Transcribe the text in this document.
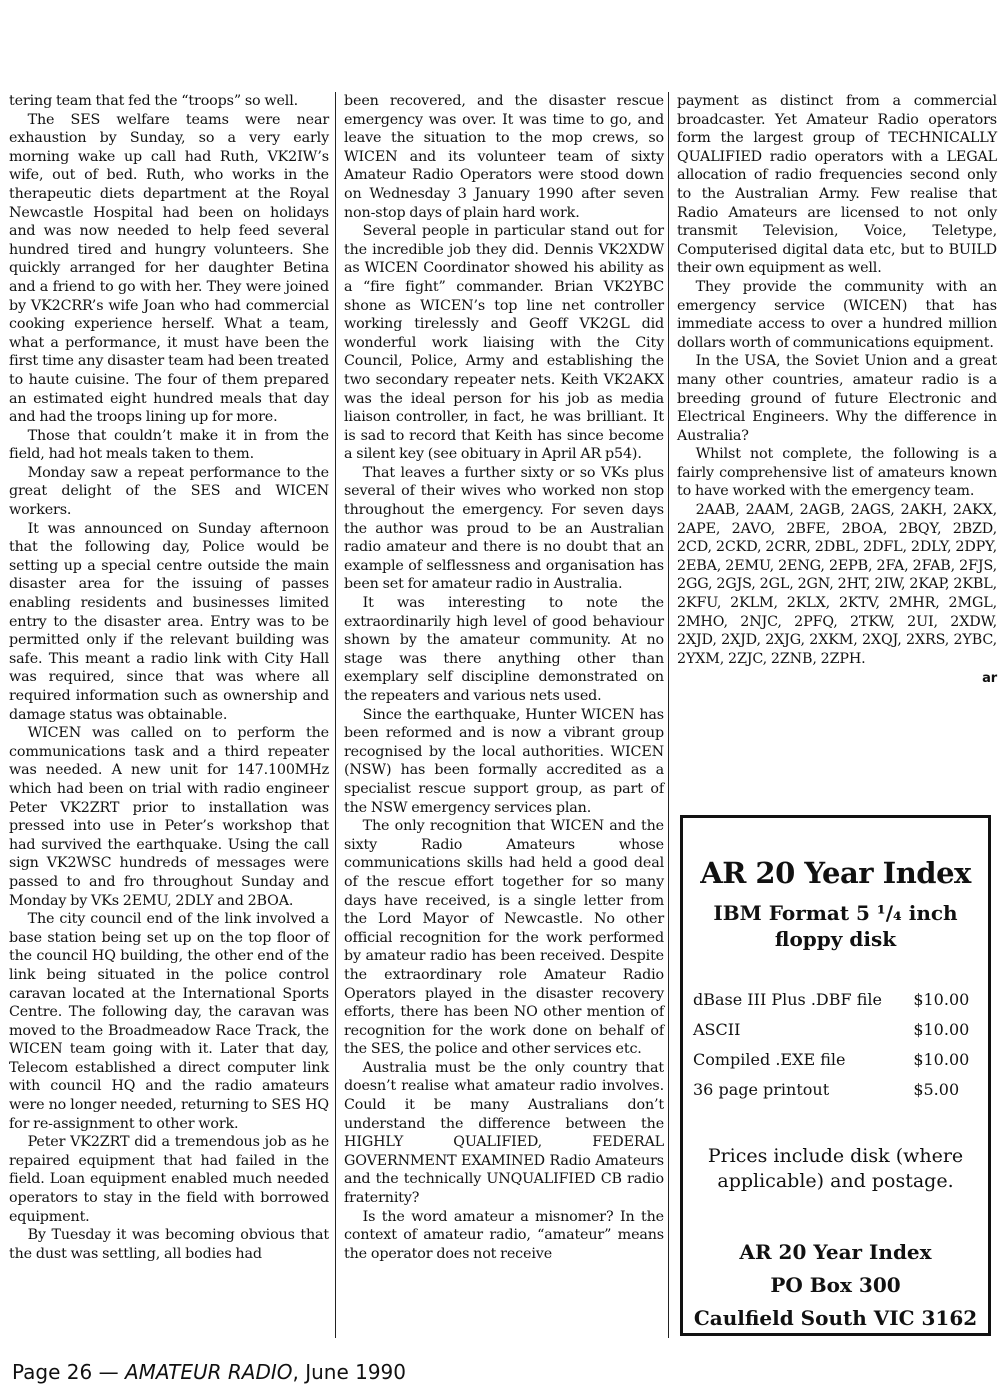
tering team that fed the “troops” so well.

The SES welfare teams were near exhaustion by Sunday, so a very early morning wake up call had Ruth, VK2IW’s wife, out of bed. Ruth, who works in the therapeutic diets department at the Royal Newcastle Hospital had been on holidays and was now needed to help feed several hundred tired and hungry volunteers. She quickly arranged for her daughter Betina and a friend to go with her. They were joined by VK2CRR’s wife Joan who had commercial cooking experience herself. What a team, what a performance, it must have been the first time any disaster team had been treated to haute cuisine. The four of them prepared an estimated eight hundred meals that day and had the troops lining up for more.

Those that couldn’t make it in from the field, had hot meals taken to them.

Monday saw a repeat performance to the great delight of the SES and WICEN workers.

It was announced on Sunday afternoon that the following day, Police would be setting up a special centre outside the main disaster area for the issuing of passes enabling residents and businesses limited entry to the disaster area. Entry was to be permitted only if the relevant building was safe. This meant a radio link with City Hall was required, since that was where all required information such as ownership and damage status was obtainable.

WICEN was called on to perform the communications task and a third repeater was needed. A new unit for 147.100MHz which had been on trial with radio engineer Peter VK2ZRT prior to installation was pressed into use in Peter’s workshop that had survived the earthquake. Using the call sign VK2WSC hundreds of messages were passed to and fro throughout Sunday and Monday by VKs 2EMU, 2DLY and 2BOA.

The city council end of the link involved a base station being set up on the top floor of the council HQ building, the other end of the link being situated in the police control caravan located at the International Sports Centre. The following day, the caravan was moved to the Broadmeadow Race Track, the WICEN team going with it. Later that day, Telecom established a direct computer link with council HQ and the radio amateurs were no longer needed, returning to SES HQ for re-assignment to other work.

Peter VK2ZRT did a tremendous job as he repaired equipment that had failed in the field. Loan equipment enabled much needed operators to stay in the field with borrowed equipment.

By Tuesday it was becoming obvious that the dust was settling, all bodies had

been recovered, and the disaster rescue emergency was over. It was time to go, and leave the situation to the mop crews, so WICEN and its volunteer team of sixty Amateur Radio Operators were stood down on Wednesday 3 January 1990 after seven non-stop days of plain hard work.

Several people in particular stand out for the incredible job they did. Dennis VK2XDW as WICEN Coordinator showed his ability as a “fire fight” commander. Brian VK2YBC shone as WICEN’s top line net controller working tirelessly and Geoff VK2GL did wonderful work liaising with the City Council, Police, Army and establishing the two secondary repeater nets. Keith VK2AKX was the ideal person for his job as media liaison controller, in fact, he was brilliant. It is sad to record that Keith has since become a silent key (see obituary in April AR p54).

That leaves a further sixty or so VKs plus several of their wives who worked non stop throughout the emergency. For seven days the author was proud to be an Australian radio amateur and there is no doubt that an example of selflessness and organisation has been set for amateur radio in Australia.

It was interesting to note the extraordinarily high level of good behaviour shown by the amateur community. At no stage was there anything other than exemplary self discipline demonstrated on the repeaters and various nets used.

Since the earthquake, Hunter WICEN has been reformed and is now a vibrant group recognised by the local authorities. WICEN (NSW) has been formally accredited as a specialist rescue support group, as part of the NSW emergency services plan.

The only recognition that WICEN and the sixty Radio Amateurs whose communications skills had held a good deal of the rescue effort together for so many days have received, is a single letter from the Lord Mayor of Newcastle. No other official recognition for the work performed by amateur radio has been received. Despite the extraordinary role Amateur Radio Operators played in the disaster recovery efforts, there has been NO other mention of recognition for the work done on behalf of the SES, the police and other services etc.

Australia must be the only country that doesn’t realise what amateur radio involves. Could it be many Australians don’t understand the difference between the HIGHLY QUALIFIED, FEDERAL GOVERNMENT EXAMINED Radio Amateurs and the technically UNQUALIFIED CB radio fraternity?

Is the word amateur a misnomer? In the context of amateur radio, “amateur” means the operator does not receive

payment as distinct from a commercial broadcaster. Yet Amateur Radio operators form the largest group of TECHNICALLY QUALIFIED radio operators with a LEGAL allocation of radio frequencies second only to the Australian Army. Few realise that Radio Amateurs are licensed to not only transmit Television, Voice, Teletype, Computerised digital data etc, but to BUILD their own equipment as well.

They provide the community with an emergency service (WICEN) that has immediate access to over a hundred million dollars worth of communications equipment.

In the USA, the Soviet Union and a great many other countries, amateur radio is a breeding ground of future Electronic and Electrical Engineers. Why the difference in Australia?

Whilst not complete, the following is a fairly comprehensive list of amateurs known to have worked with the emergency team.

2AAB, 2AAM, 2AGB, 2AGS, 2AKH, 2AKX, 2APE, 2AVO, 2BFE, 2BOA, 2BQY, 2BZD, 2CD, 2CKD, 2CRR, 2DBL, 2DFL, 2DLY, 2DPY, 2EBA, 2EMU, 2ENG, 2EPB, 2FA, 2FAB, 2FJS, 2GG, 2GJS, 2GL, 2GN, 2HT, 2IW, 2KAP, 2KBL, 2KFU, 2KLM, 2KLX, 2KTV, 2MHR, 2MGL, 2MHO, 2NJC, 2PFQ, 2TKW, 2UI, 2XDW, 2XJD, 2XJD, 2XJG, 2XKM, 2XQJ, 2XRS, 2YBC, 2YXM, 2ZJC, 2ZNB, 2ZPH.

ar
AR 20 Year Index
IBM Format 5 ¹/₄ inch
floppy disk
dBase III Plus .DBF file	$10.00
ASCII	$10.00
Compiled .EXE file	$10.00
36 page printout	$5.00
Prices include disk (where
applicable) and postage.
AR 20 Year Index
PO Box 300
Caulfield South VIC 3162
Page 26 — AMATEUR RADIO, June 1990
